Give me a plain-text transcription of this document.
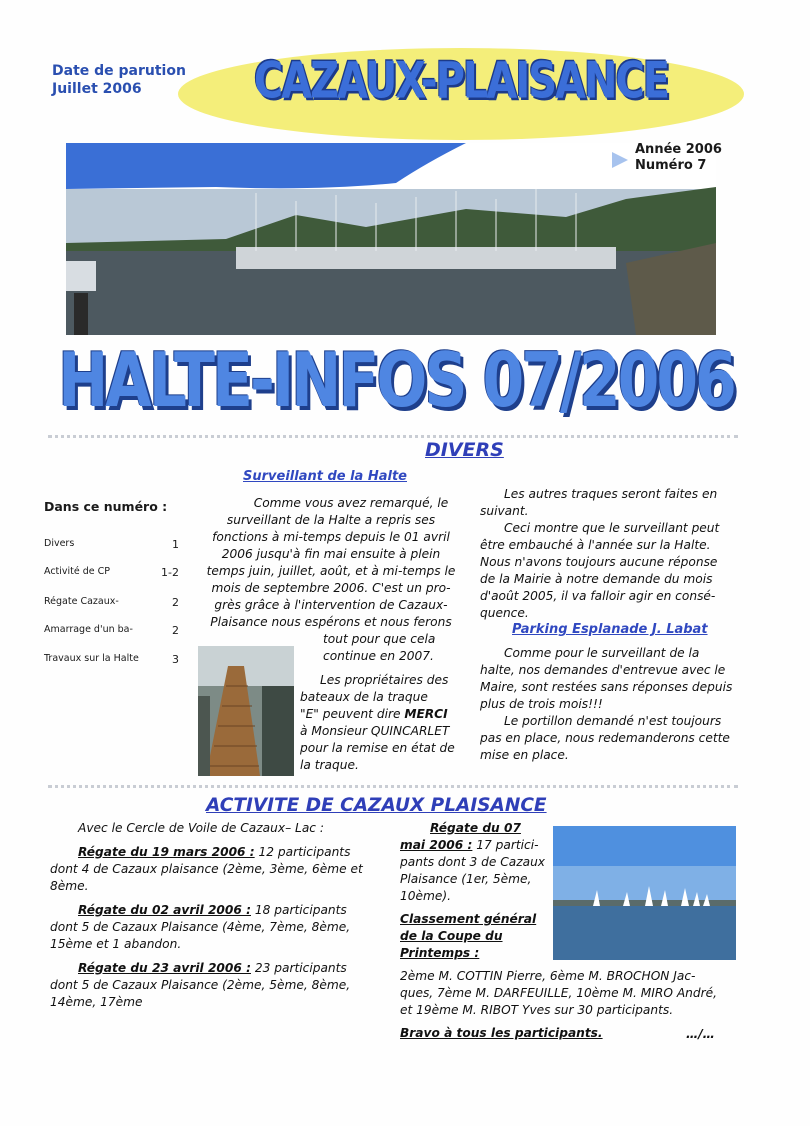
Date de parution
Juillet 2006	CAZAUX-PLAISANCE
Année 2006
Numéro 7
HALTE-INFOS 07/2006
DIVERS
Surveillant de la Halte
Dans ce numéro :
Divers	1
Activité de CP	1-2
Régate Cazaux-	2
Amarrage d'un ba-	2
Travaux sur la Halte	3

Comme vous avez remarqué, le

surveillant de la Halte a repris ses

fonctions à mi-temps depuis le 01 avril

2006 jusqu'à fin mai ensuite à plein

temps juin, juillet, août, et à mi-temps le

mois de septembre 2006. C'est un pro-

grès grâce à l'intervention de Cazaux-

Plaisance nous espérons et nous ferons

tout pour que cela

continue en 2007.

Les propriétaires des

bateaux de la traque

"E" peuvent dire MERCI

à Monsieur QUINCARLET

pour la remise en état de

la traque.

Les autres traques seront faites en

suivant.

Ceci montre que le surveillant peut

être embauché à l'année sur la Halte.

Nous n'avons toujours aucune réponse

de la Mairie à notre demande du mois

d'août 2005, il va falloir agir en consé-

quence.

Parking Esplanade J. Labat

Comme pour le surveillant de la

halte, nos demandes d'entrevue avec le

Maire, sont restées sans réponses depuis

plus de trois mois!!!

Le portillon demandé n'est toujours

pas en place, nous redemanderons cette

mise en place.

ACTIVITE DE CAZAUX PLAISANCE

Avec le Cercle de Voile de Cazaux– Lac :

Régate du 19 mars 2006 : 12 participants

dont 4 de Cazaux plaisance (2ème, 3ème, 6ème et

8ème.

Régate du 02 avril 2006 : 18 participants

dont 5 de Cazaux Plaisance (4ème, 7ème, 8ème,

15ème et 1 abandon.

Régate du 23 avril 2006 : 23 participants

dont 5 de Cazaux Plaisance (2ème, 5ème, 8ème,

14ème, 17ème

Régate du 07

mai 2006 : 17 partici-

pants dont 3 de Cazaux

Plaisance (1er, 5ème,

10ème).

Classement général

de la Coupe du

Printemps :

2ème M. COTTIN Pierre, 6ème M. BROCHON Jac-

ques, 7ème M. DARFEUILLE, 10ème M. MIRO André,

et 19ème M. RIBOT Yves sur 30 participants.

Bravo à tous les participants.	…/…
